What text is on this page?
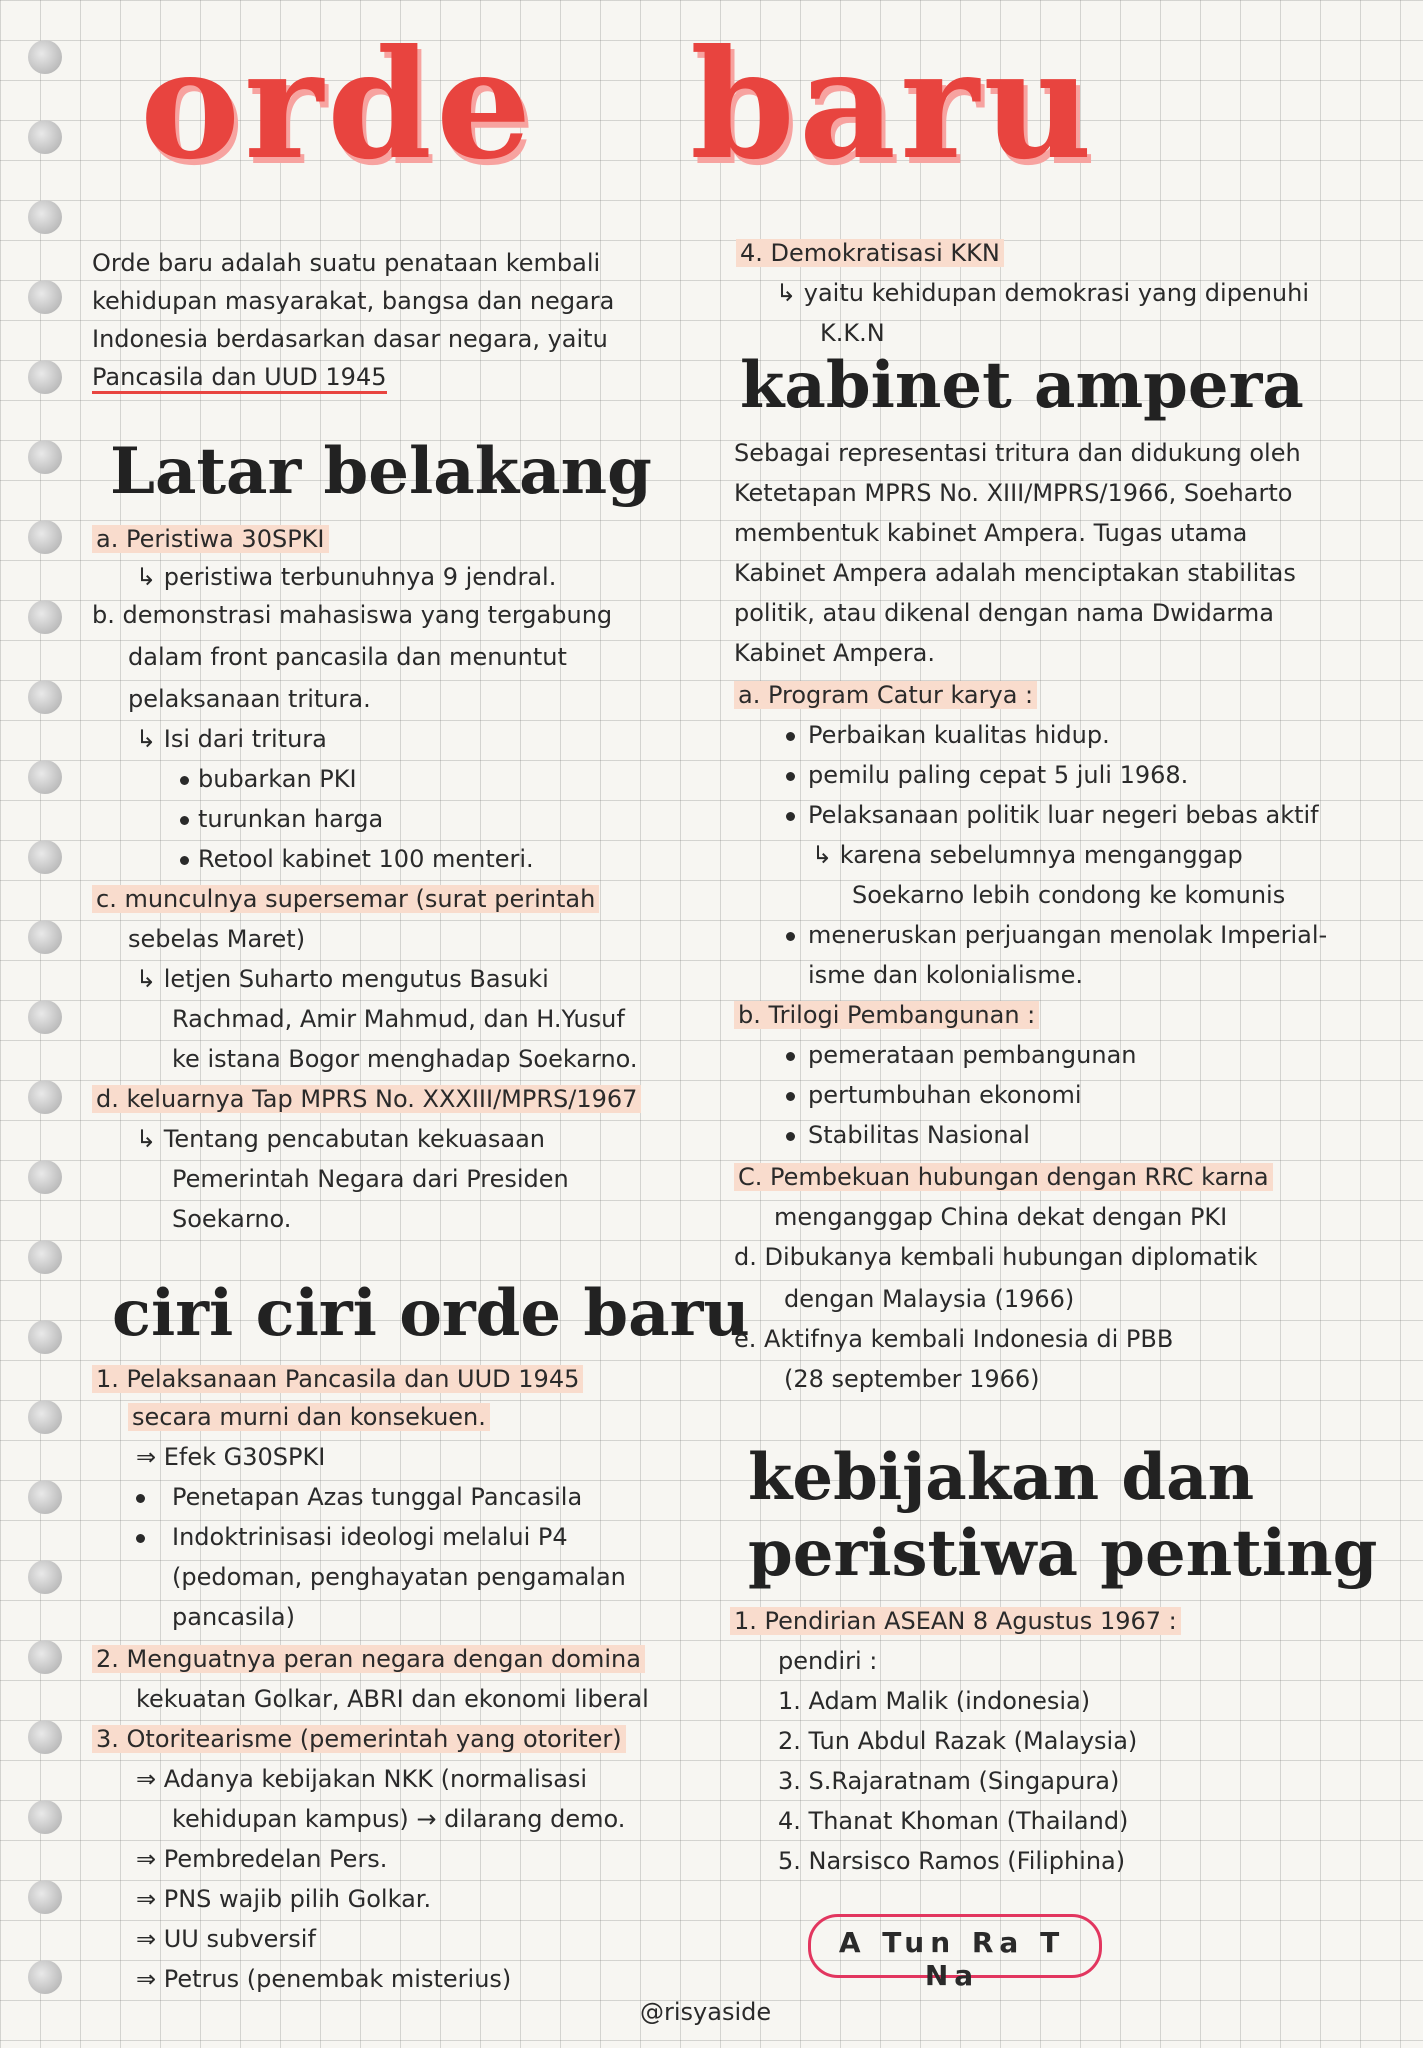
orde baru
Orde baru adalah suatu penataan kembali
kehidupan masyarakat, bangsa dan negara
Indonesia berdasarkan dasar negara, yaitu
Pancasila dan UUD 1945
Latar belakang
a. Peristiwa 30SPKI
↳ peristiwa terbunuhnya 9 jendral.
b. demonstrasi mahasiswa yang tergabung
dalam front pancasila dan menuntut
pelaksanaan tritura.
↳ Isi dari tritura
bubarkan PKI
turunkan harga
Retool kabinet 100 menteri.
c. munculnya supersemar (surat perintah
sebelas Maret)
↳ letjen Suharto mengutus Basuki
Rachmad, Amir Mahmud, dan H.Yusuf
ke istana Bogor menghadap Soekarno.
d. keluarnya Tap MPRS No. XXXIII/MPRS/1967
↳ Tentang pencabutan kekuasaan
Pemerintah Negara dari Presiden
Soekarno.
ciri ciri orde baru
1. Pelaksanaan Pancasila dan UUD 1945
secara murni dan konsekuen.
⇒ Efek G30SPKI
Penetapan Azas tunggal Pancasila
Indoktrinisasi ideologi melalui P4
(pedoman, penghayatan pengamalan
pancasila)
2. Menguatnya peran negara dengan domina
kekuatan Golkar, ABRI dan ekonomi liberal
3. Otoritearisme (pemerintah yang otoriter)
⇒ Adanya kebijakan NKK (normalisasi
kehidupan kampus) → dilarang demo.
⇒ Pembredelan Pers.
⇒ PNS wajib pilih Golkar.
⇒ UU subversif
⇒ Petrus (penembak misterius)
4. Demokratisasi KKN
↳ yaitu kehidupan demokrasi yang dipenuhi
K.K.N
kabinet ampera
Sebagai representasi tritura dan didukung oleh
Ketetapan MPRS No. XIII/MPRS/1966, Soeharto
membentuk kabinet Ampera. Tugas utama
Kabinet Ampera adalah menciptakan stabilitas
politik, atau dikenal dengan nama Dwidarma
Kabinet Ampera.
a. Program Catur karya :
Perbaikan kualitas hidup.
pemilu paling cepat 5 juli 1968.
Pelaksanaan politik luar negeri bebas aktif
↳ karena sebelumnya menganggap
Soekarno lebih condong ke komunis
meneruskan perjuangan menolak Imperial-
isme dan kolonialisme.
b. Trilogi Pembangunan :
pemerataan pembangunan
pertumbuhan ekonomi
Stabilitas Nasional
C. Pembekuan hubungan dengan RRC karna
menganggap China dekat dengan PKI
d. Dibukanya kembali hubungan diplomatik
dengan Malaysia (1966)
e. Aktifnya kembali Indonesia di PBB
(28 september 1966)
kebijakan dan
peristiwa penting
1. Pendirian ASEAN 8 Agustus 1967 :
pendiri :
1. Adam Malik (indonesia)
2. Tun Abdul Razak (Malaysia)
3. S.Rajaratnam (Singapura)
4. Thanat Khoman (Thailand)
5. Narsisco Ramos (Filiphina)
A Tun Ra T Na
@risyaside
